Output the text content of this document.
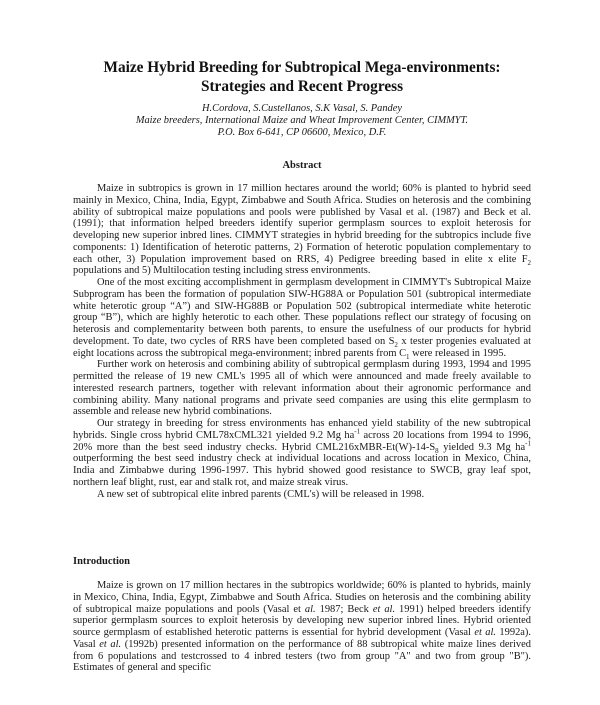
Maize Hybrid Breeding for Subtropical Mega-environments:
Strategies and Recent Progress
H.Cordova, S.Custellanos, S.K Vasal, S. Pandey
Maize breeders, International Maize and Wheat Improvement Center, CIMMYT.
P.O. Box 6-641, CP 06600, Mexico, D.F.
Abstract

Maize in subtropics is grown in 17 million hectares around the world; 60% is planted to hybrid seed mainly in Mexico, China, India, Egypt, Zimbabwe and South Africa. Studies on heterosis and the combining ability of subtropical maize populations and pools were published by Vasal et al. (1987) and Beck et al. (1991); that information helped breeders identify superior germplasm sources to exploit heterosis for developing new superior inbred lines. CIMMYT strategies in hybrid breeding for the subtropics include five components: 1) Identification of heterotic patterns, 2) Formation of heterotic population complementary to each other, 3) Population improvement based on RRS, 4) Pedigree breeding based in elite x elite $F_2$ populations and 5) Multilocation testing including stress environments.

One of the most exciting accomplishment in germplasm development in CIMMYT's Subtropical Maize Subprogram has been the formation of population SIW-HG88A or Population 501 (subtropical intermediate white heterotic group “A”) and SIW-HG88B or Population 502 (subtropical intermediate white heterotic group “B”), which are highly heterotic to each other. These populations reflect our strategy of focusing on heterosis and complementarity between both parents, to ensure the usefulness of our products for hybrid development. To date, two cycles of RRS have been completed based on $S_2$ x tester progenies evaluated at eight locations across the subtropical mega-environment; inbred parents from $C_1$ were released in 1995.

Further work on heterosis and combining ability of subtropical germplasm during 1993, 1994 and 1995 permitted the release of 19 new CML's 1995 all of which were announced and made freely available to interested research partners, together with relevant information about their agronomic performance and combining ability. Many national programs and private seed companies are using this elite germplasm to assemble and release new hybrid combinations.

Our strategy in breeding for stress environments has enhanced yield stability of the new subtropical hybrids. Single cross hybrid CML78xCML321 yielded 9.2 Mg $ha^{-1}$ across 20 locations from 1994 to 1996, 20% more than the best seed industry checks. Hybrid $CML216xMBR-Et(W)-14-S_8$ yielded 9.3 Mg $ha^{-1}$ outperforming the best seed industry check at individual locations and across location in Mexico, China, India and Zimbabwe during 1996-1997. This hybrid showed good resistance to SWCB, gray leaf spot, northern leaf blight, rust, ear and stalk rot, and maize streak virus.

A new set of subtropical elite inbred parents (CML's) will be released in 1998.

Introduction

Maize is grown on 17 million hectares in the subtropics worldwide; 60% is planted to hybrids, mainly in Mexico, China, India, Egypt, Zimbabwe and South Africa. Studies on heterosis and the combining ability of subtropical maize populations and pools (Vasal et al. 1987; Beck et al. 1991) helped breeders identify superior germplasm sources to exploit heterosis by developing new superior inbred lines. Hybrid oriented source germplasm of established heterotic patterns is essential for hybrid development (Vasal et al. 1992a). Vasal et al. (1992b) presented information on the performance of 88 subtropical white maize lines derived from 6 populations and testcrossed to 4 inbred testers (two from group "A" and two from group "B"). Estimates of general and specific
